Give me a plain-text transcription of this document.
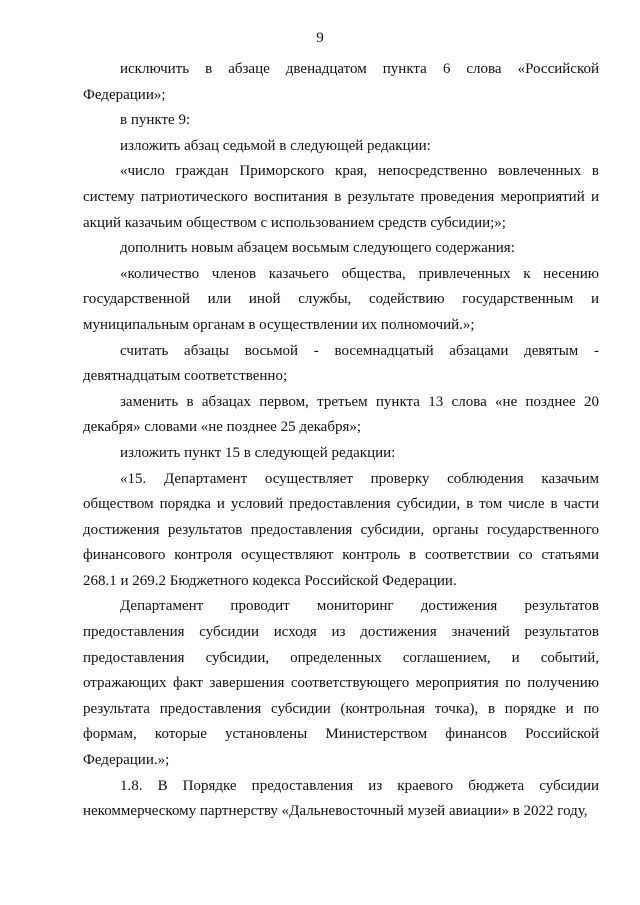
9

исключить в абзаце двенадцатом пункта 6 слова «Российской Федерации»;

в пункте 9:

изложить абзац седьмой в следующей редакции:

«число граждан Приморского края, непосредственно вовлеченных в систему патриотического воспитания в результате проведения мероприятий и акций казачьим обществом с использованием средств субсидии;»;

дополнить новым абзацем восьмым следующего содержания:

«количество членов казачьего общества, привлеченных к несению государственной или иной службы, содействию государственным и муниципальным органам в осуществлении их полномочий.»;

считать абзацы восьмой - восемнадцатый абзацами девятым - девятнадцатым соответственно;

заменить в абзацах первом, третьем пункта 13 слова «не позднее 20 декабря» словами «не позднее 25 декабря»;

изложить пункт 15 в следующей редакции:

«15. Департамент осуществляет проверку соблюдения казачьим обществом порядка и условий предоставления субсидии, в том числе в части достижения результатов предоставления субсидии, органы государственного финансового контроля осуществляют контроль в соответствии со статьями 268.1 и 269.2 Бюджетного кодекса Российской Федерации.

Департамент проводит мониторинг достижения результатов предоставления субсидии исходя из достижения значений результатов предоставления субсидии, определенных соглашением, и событий, отражающих факт завершения соответствующего мероприятия по получению результата предоставления субсидии (контрольная точка), в порядке и по формам, которые установлены Министерством финансов Российской Федерации.»;

1.8. В Порядке предоставления из краевого бюджета субсидии некоммерческому партнерству «Дальневосточный музей авиации» в 2022 году,
